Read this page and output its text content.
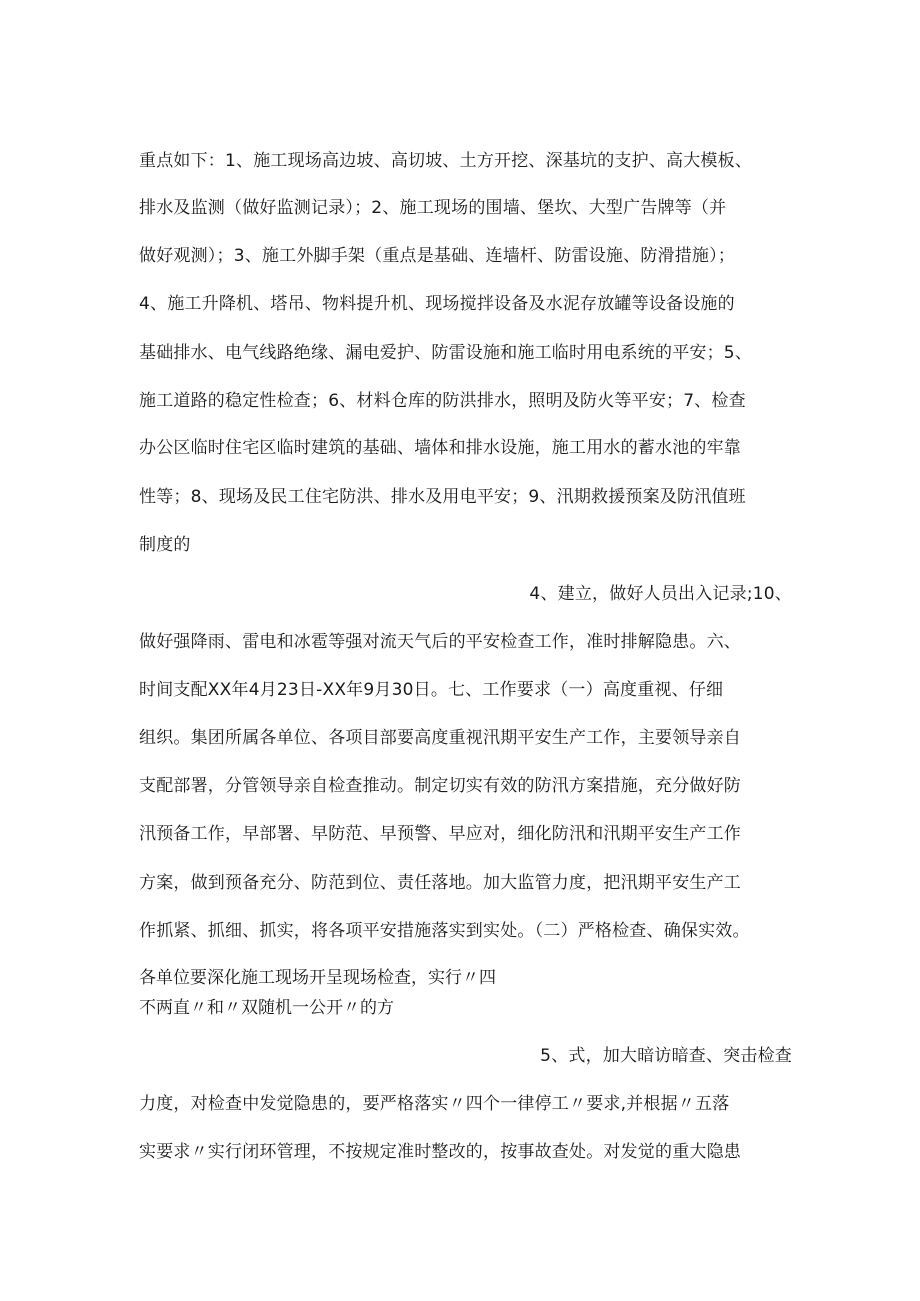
重点如下：1、施工现场高边坡、高切坡、土方开挖、深基坑的支护、高大模板、
排水及监测（做好监测记录）；2、施工现场的围墙、堡坎、大型广告牌等（并
做好观测）；3、施工外脚手架（重点是基础、连墙杆、防雷设施、防滑措施）；
4、施工升降机、塔吊、物料提升机、现场搅拌设备及水泥存放罐等设备设施的
基础排水、电气线路绝缘、漏电爱护、防雷设施和施工临时用电系统的平安；5、
施工道路的稳定性检查；6、材料仓库的防洪排水，照明及防火等平安；7、检查
办公区临时住宅区临时建筑的基础、墙体和排水设施，施工用水的蓄水池的牢靠
性等；8、现场及民工住宅防洪、排水及用电平安；9、汛期救援预案及防汛值班
制度的
4、建立，做好人员出入记录;10、
做好强降雨、雷电和冰雹等强对流天气后的平安检查工作，准时排解隐患。六、
时间支配XX年4月23日-XX年9月30日。七、工作要求（一）高度重视、仔细
组织。集团所属各单位、各项目部要高度重视汛期平安生产工作，主要领导亲自
支配部署，分管领导亲自检查推动。制定切实有效的防汛方案措施，充分做好防
汛预备工作，早部署、早防范、早预警、早应对，细化防汛和汛期平安生产工作
方案，做到预备充分、防范到位、责任落地。加大监管力度，把汛期平安生产工
作抓紧、抓细、抓实，将各项平安措施落实到实处。（二）严格检查、确保实效。
各单位要深化施工现场开呈现场检查，实行〃四
不两直〃和〃双随机一公开〃的方
5、式，加大暗访暗查、突击检查
力度，对检查中发觉隐患的，要严格落实〃四个一律停工〃要求,并根据〃五落
实要求〃实行闭环管理，不按规定准时整改的，按事故查处。对发觉的重大隐患
